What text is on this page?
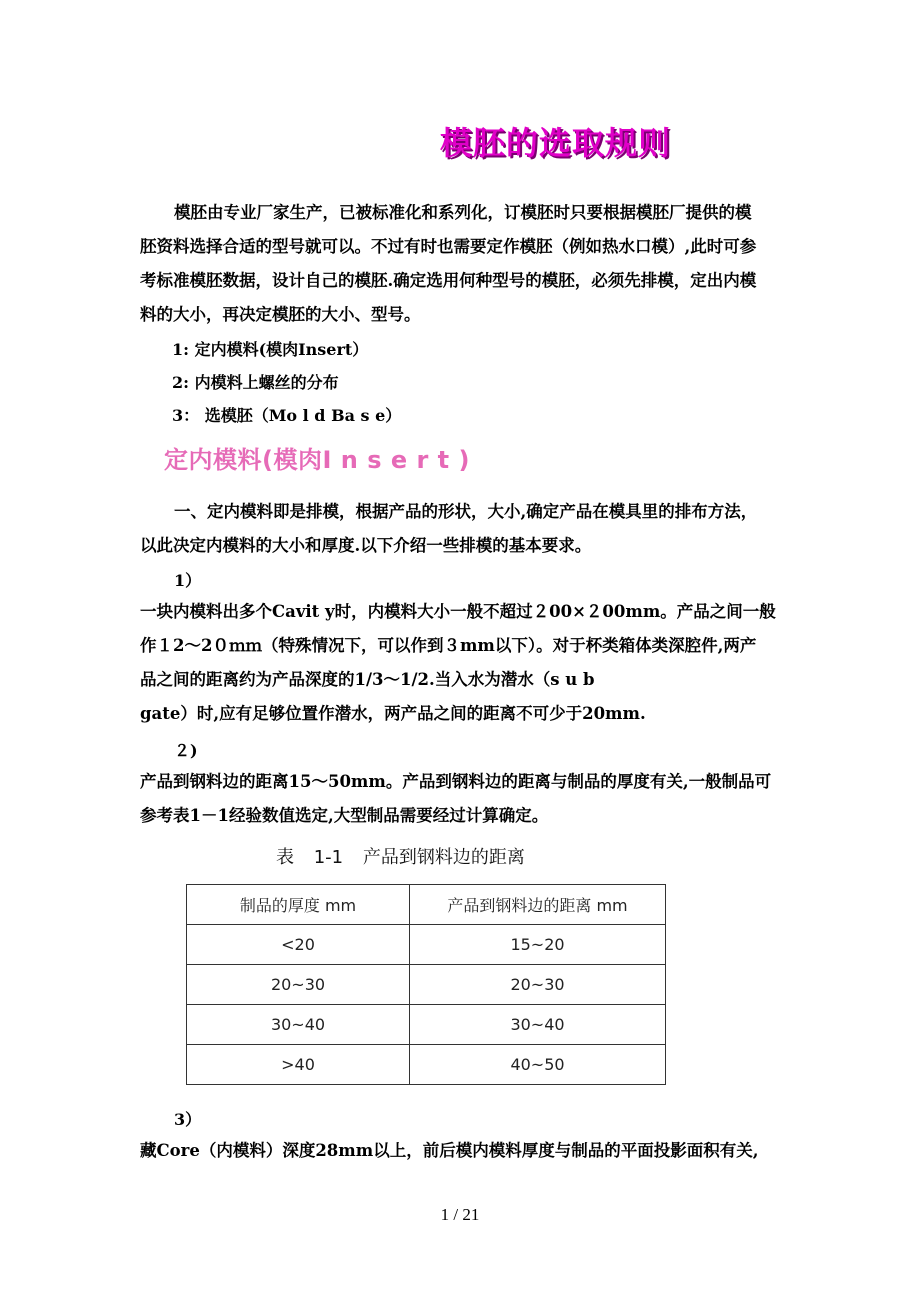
模胚的选取规则
模胚由专业厂家生产，已被标准化和系列化，订模胚时只要根据模胚厂提供的模
胚资料选择合适的型号就可以。不过有时也需要定作模胚（例如热水口模）,此时可参
考标准模胚数据，设计自己的模胚.确定选用何种型号的模胚，必须先排模，定出内模
料的大小，再决定模胚的大小、型号。
1: 定内模料(模肉Insert）
2: 内模料上螺丝的分布
3： 选模胚（Mo l d Ba s e）
定内模料(模肉I n s e r t )
一、定内模料即是排模，根据产品的形状，大小,确定产品在模具里的排布方法，
以此决定内模料的大小和厚度.以下介绍一些排模的基本要求。
1）
一块内模料出多个Cavit y时，内模料大小一般不超过２00×２00mm。产品之间一般
作１2～2０ｍｍ（特殊情况下，可以作到３mm以下）。对于杯类箱体类深腔件,两产
品之间的距离约为产品深度的1/3～1/2.当入水为潜水（s u b
gate）时,应有足够位置作潜水，两产品之间的距离不可少于20mm.
２)
产品到钢料边的距离15～50mm。产品到钢料边的距离与制品的厚度有关,一般制品可
参考表1－1经验数值选定,大型制品需要经过计算确定。
表 1-1 产品到钢料边的距离
制品的厚度 mm	产品到钢料边的距离 mm
<20	15~20
20~30	20~30
30~40	30~40
>40	40~50
3）
藏Core（内模料）深度28mm以上，前后模内模料厚度与制品的平面投影面积有关,
1 / 21
